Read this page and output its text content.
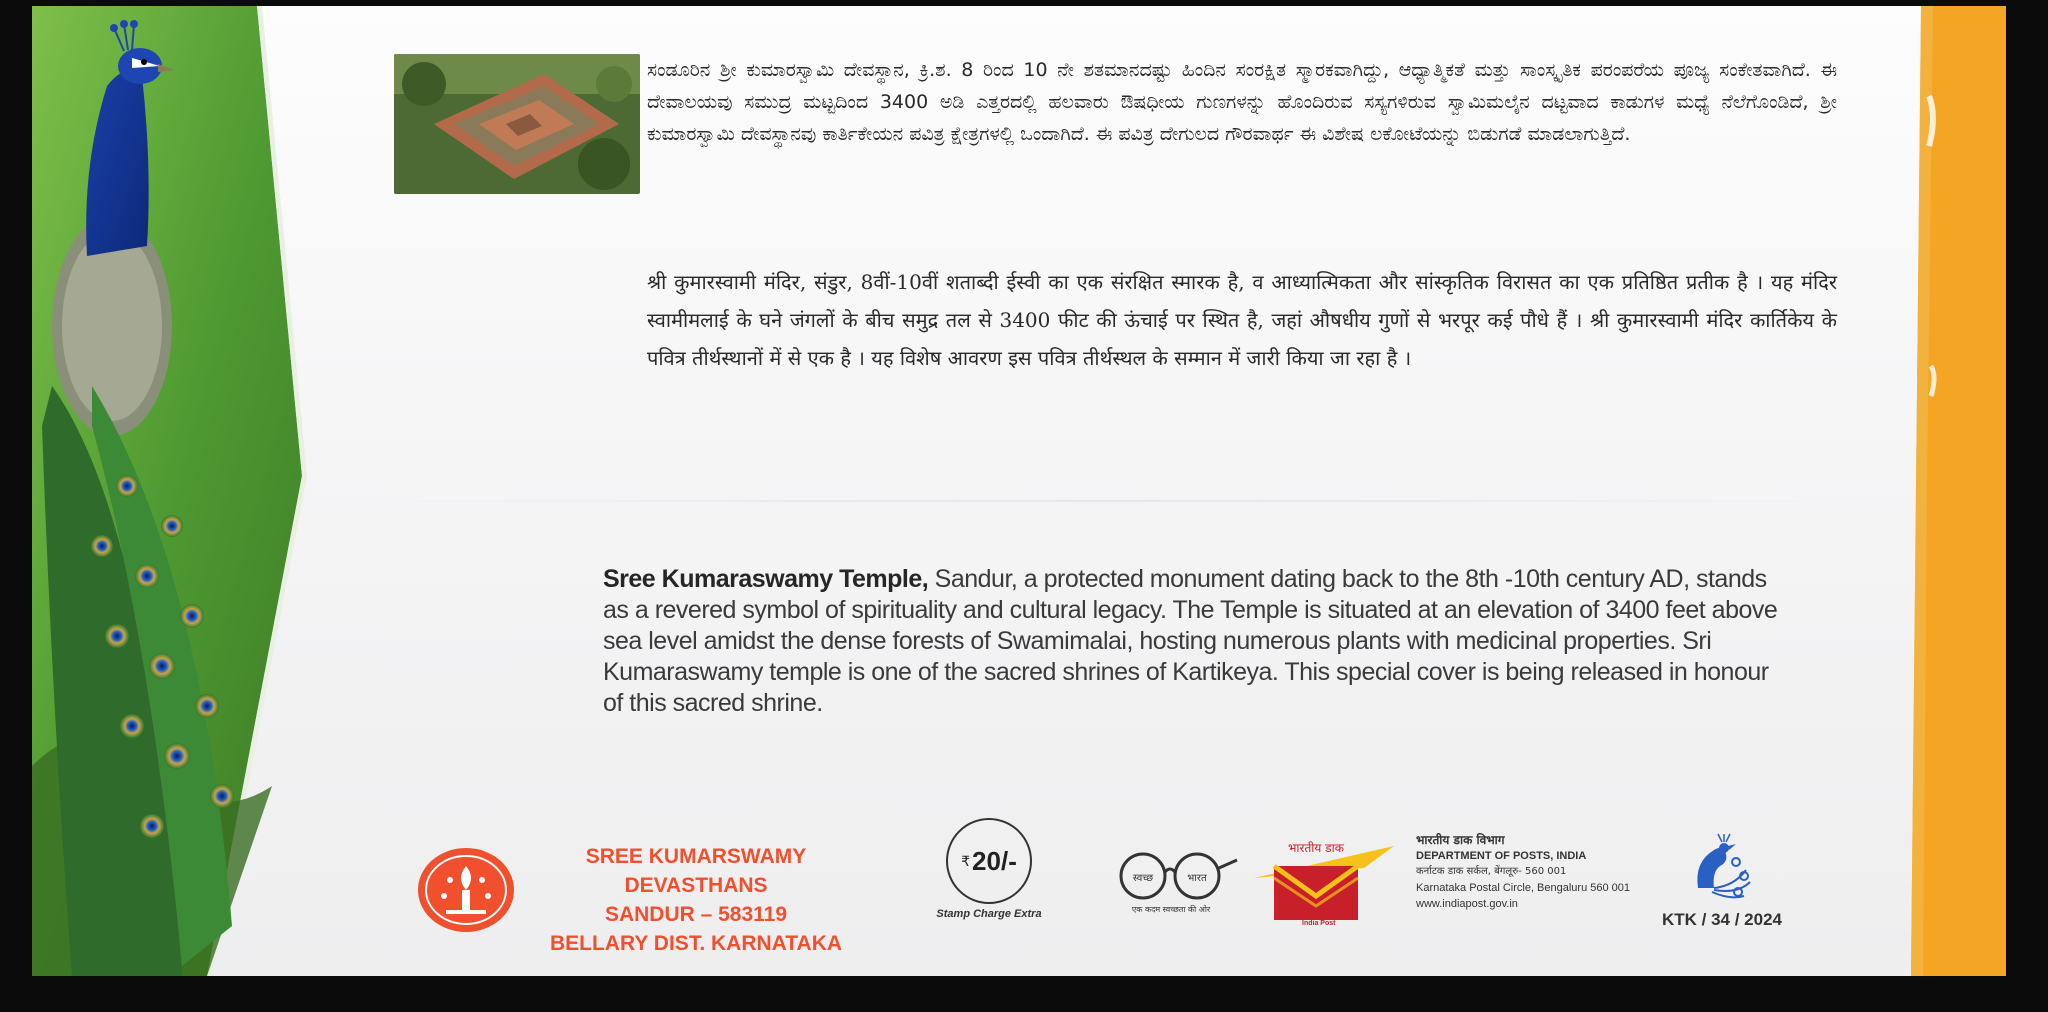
ಸಂಡೂರಿನ ಶ್ರೀ ಕುಮಾರಸ್ವಾಮಿ ದೇವಸ್ಥಾನ, ಕ್ರಿ.ಶ. 8 ರಿಂದ 10 ನೇ ಶತಮಾನದಷ್ಟು ಹಿಂದಿನ ಸಂರಕ್ಷಿತ ಸ್ಮಾರಕವಾಗಿದ್ದು, ಆಧ್ಯಾತ್ಮಿಕತೆ ಮತ್ತು ಸಾಂಸ್ಕೃತಿಕ ಪರಂಪರೆಯ ಪೂಜ್ಯ ಸಂಕೇತವಾಗಿದೆ. ಈ ದೇವಾಲಯವು ಸಮುದ್ರ ಮಟ್ಟದಿಂದ 3400 ಅಡಿ ಎತ್ತರದಲ್ಲಿ ಹಲವಾರು ಔಷಧೀಯ ಗುಣಗಳನ್ನು ಹೊಂದಿರುವ ಸಸ್ಯಗಳಿರುವ ಸ್ವಾಮಿಮಲೈನ ದಟ್ಟವಾದ ಕಾಡುಗಳ ಮಧ್ಯೆ ನೆಲೆಗೊಂಡಿದೆ, ಶ್ರೀ ಕುಮಾರಸ್ವಾಮಿ ದೇವಸ್ಥಾನವು ಕಾರ್ತಿಕೇಯನ ಪವಿತ್ರ ಕ್ಷೇತ್ರಗಳಲ್ಲಿ ಒಂದಾಗಿದೆ. ಈ ಪವಿತ್ರ ದೇಗುಲದ ಗೌರವಾರ್ಥ ಈ ವಿಶೇಷ ಲಕೋಟೆಯನ್ನು ಬಿಡುಗಡೆ ಮಾಡಲಾಗುತ್ತಿದೆ.
श्री कुमारस्वामी मंदिर, संडुर, 8वीं-10वीं शताब्दी ईस्वी का एक संरक्षित स्मारक है, व आध्यात्मिकता और सांस्कृतिक विरासत का एक प्रतिष्ठित प्रतीक है । यह मंदिर स्वामीमलाई के घने जंगलों के बीच समुद्र तल से 3400 फीट की ऊंचाई पर स्थित है, जहां औषधीय गुणों से भरपूर कई पौधे हैं । श्री कुमारस्वामी मंदिर कार्तिकेय के पवित्र तीर्थस्थानों में से एक है । यह विशेष आवरण इस पवित्र तीर्थस्थल के सम्मान में जारी किया जा रहा है ।
Sree Kumaraswamy Temple, Sandur, a protected monument dating back to the 8th -10th century AD, stands as a revered symbol of spirituality and cultural legacy. The Temple is situated at an elevation of 3400 feet above sea level amidst the dense forests of Swamimalai, hosting numerous plants with medicinal properties. Sri Kumaraswamy temple is one of the sacred shrines of Kartikeya. This special cover is being released in honour of this sacred shrine.
SREE KUMARSWAMY DEVASTHANS
SANDUR – 583119
BELLARY DIST. KARNATAKA
₹ 20/-
Stamp Charge Extra
स्वच्छ	भारत
एक कदम स्वच्छता की ओर
भारतीय डाक
India Post
भारतीय डाक विभाग
DEPARTMENT OF POSTS, INDIA
कर्नाटक डाक सर्कल, बेंगलूरु- 560 001
Karnataka Postal Circle, Bengaluru 560 001
www.indiapost.gov.in
KTK / 34 / 2024
